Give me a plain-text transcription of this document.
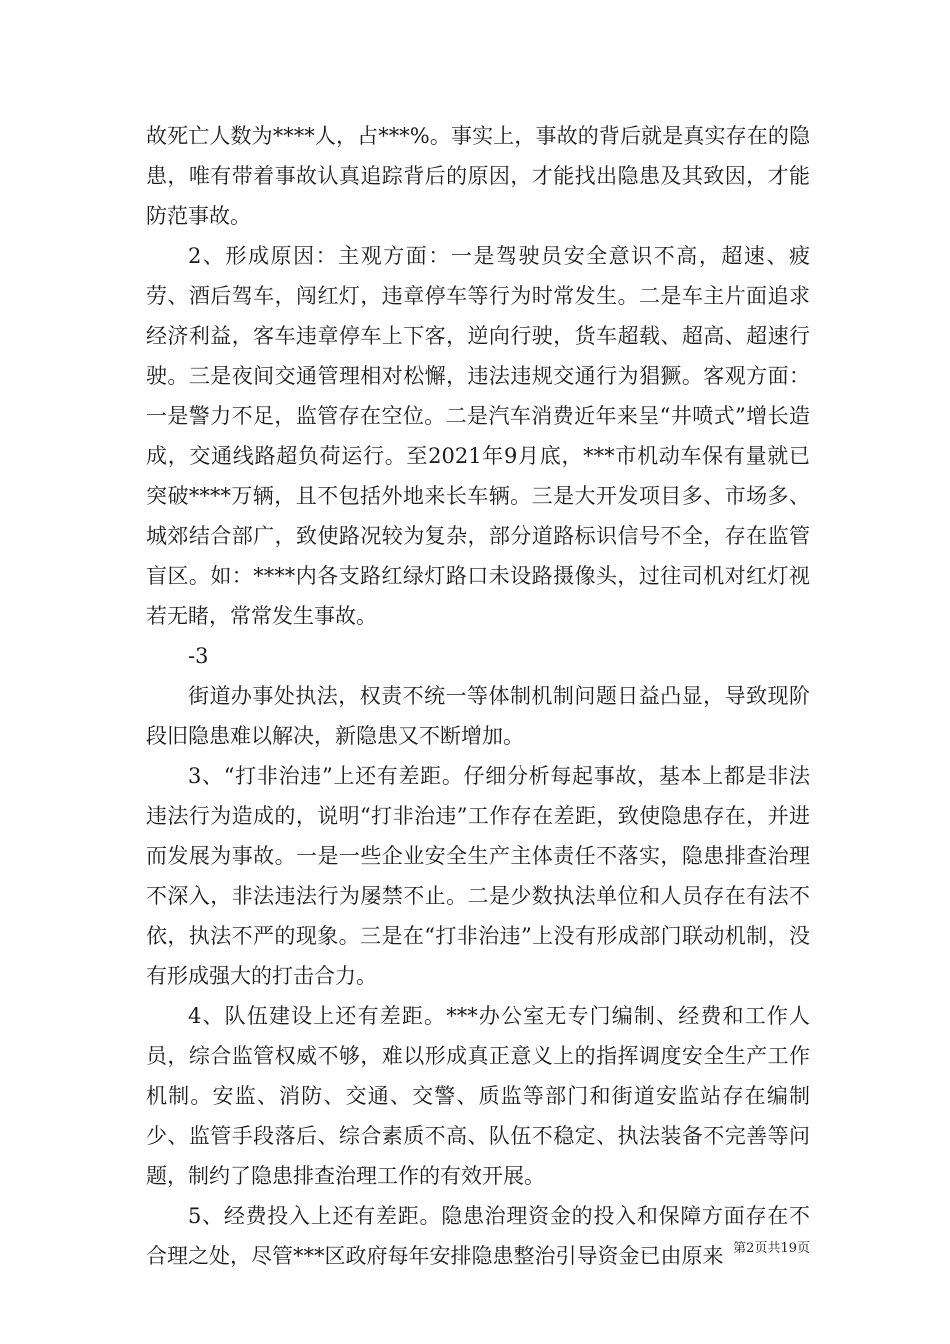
故死亡人数为****人，占***%。事实上，事故的背后就是真实存在的隐患，唯有带着事故认真追踪背后的原因，才能找出隐患及其致因，才能防范事故。

2、形成原因：主观方面：一是驾驶员安全意识不高，超速、疲劳、酒后驾车，闯红灯，违章停车等行为时常发生。二是车主片面追求经济利益，客车违章停车上下客，逆向行驶，货车超载、超高、超速行驶。三是夜间交通管理相对松懈，违法违规交通行为猖獗。客观方面：一是警力不足，监管存在空位。二是汽车消费近年来呈“井喷式”增长造成，交通线路超负荷运行。至2021年9月底，***市机动车保有量就已突破****万辆，且不包括外地来长车辆。三是大开发项目多、市场多、城郊结合部广，致使路况较为复杂，部分道路标识信号不全，存在监管盲区。如：****内各支路红绿灯路口未设路摄像头，过往司机对红灯视若无睹，常常发生事故。

-3

街道办事处执法，权责不统一等体制机制问题日益凸显，导致现阶段旧隐患难以解决，新隐患又不断增加。

3、“打非治违”上还有差距。仔细分析每起事故，基本上都是非法违法行为造成的，说明“打非治违”工作存在差距，致使隐患存在，并进而发展为事故。一是一些企业安全生产主体责任不落实，隐患排查治理不深入，非法违法行为屡禁不止。二是少数执法单位和人员存在有法不依，执法不严的现象。三是在“打非治违”上没有形成部门联动机制，没有形成强大的打击合力。

4、队伍建设上还有差距。***办公室无专门编制、经费和工作人员，综合监管权威不够，难以形成真正意义上的指挥调度安全生产工作机制。安监、消防、交通、交警、质监等部门和街道安监站存在编制少、监管手段落后、综合素质不高、队伍不稳定、执法装备不完善等问题，制约了隐患排查治理工作的有效开展。

5、经费投入上还有差距。隐患治理资金的投入和保障方面存在不合理之处，尽管***区政府每年安排隐患整治引导资金已由原来 第2页共19页
